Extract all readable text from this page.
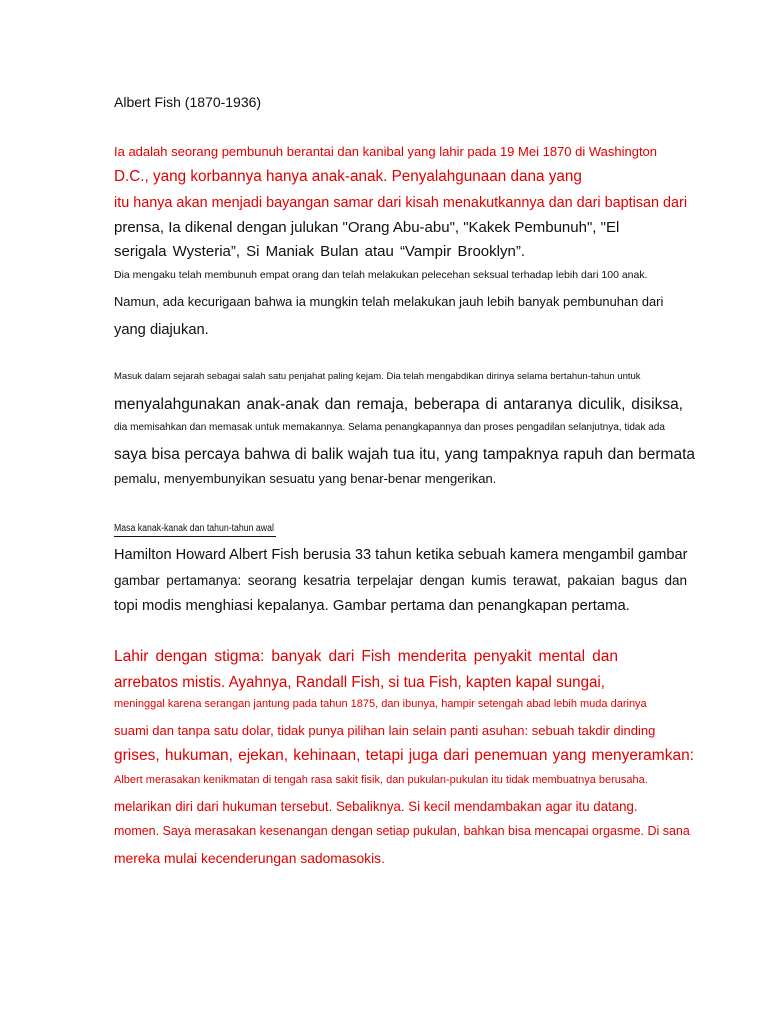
Albert Fish (1870-1936)
Ia adalah seorang pembunuh berantai dan kanibal yang lahir pada 19 Mei 1870 di Washington
D.C., yang korbannya hanya anak-anak. Penyalahgunaan dana yang
itu hanya akan menjadi bayangan samar dari kisah menakutkannya dan dari baptisan dari
prensa, Ia dikenal dengan julukan "Orang Abu-abu", "Kakek Pembunuh", "El
serigala Wysteria”, Si Maniak Bulan atau “Vampir Brooklyn”.
Dia mengaku telah membunuh empat orang dan telah melakukan pelecehan seksual terhadap lebih dari 100 anak.
Namun, ada kecurigaan bahwa ia mungkin telah melakukan jauh lebih banyak pembunuhan dari
yang diajukan.
Masuk dalam sejarah sebagai salah satu penjahat paling kejam. Dia telah mengabdikan dirinya selama bertahun-tahun untuk
menyalahgunakan anak-anak dan remaja, beberapa di antaranya diculik, disiksa,
dia memisahkan dan memasak untuk memakannya. Selama penangkapannya dan proses pengadilan selanjutnya, tidak ada
saya bisa percaya bahwa di balik wajah tua itu, yang tampaknya rapuh dan bermata
pemalu, menyembunyikan sesuatu yang benar-benar mengerikan.
Masa kanak-kanak dan tahun-tahun awal
Hamilton Howard Albert Fish berusia 33 tahun ketika sebuah kamera mengambil gambar
gambar pertamanya: seorang kesatria terpelajar dengan kumis terawat, pakaian bagus dan
topi modis menghiasi kepalanya. Gambar pertama dan penangkapan pertama.
Lahir dengan stigma: banyak dari Fish menderita penyakit mental dan
arrebatos mistis. Ayahnya, Randall Fish, si tua Fish, kapten kapal sungai,
meninggal karena serangan jantung pada tahun 1875, dan ibunya, hampir setengah abad lebih muda darinya
suami dan tanpa satu dolar, tidak punya pilihan lain selain panti asuhan: sebuah takdir dinding
grises, hukuman, ejekan, kehinaan, tetapi juga dari penemuan yang menyeramkan:
Albert merasakan kenikmatan di tengah rasa sakit fisik, dan pukulan-pukulan itu tidak membuatnya berusaha.
melarikan diri dari hukuman tersebut. Sebaliknya. Si kecil mendambakan agar itu datang.
momen. Saya merasakan kesenangan dengan setiap pukulan, bahkan bisa mencapai orgasme. Di sana
mereka mulai kecenderungan sadomasokis.
